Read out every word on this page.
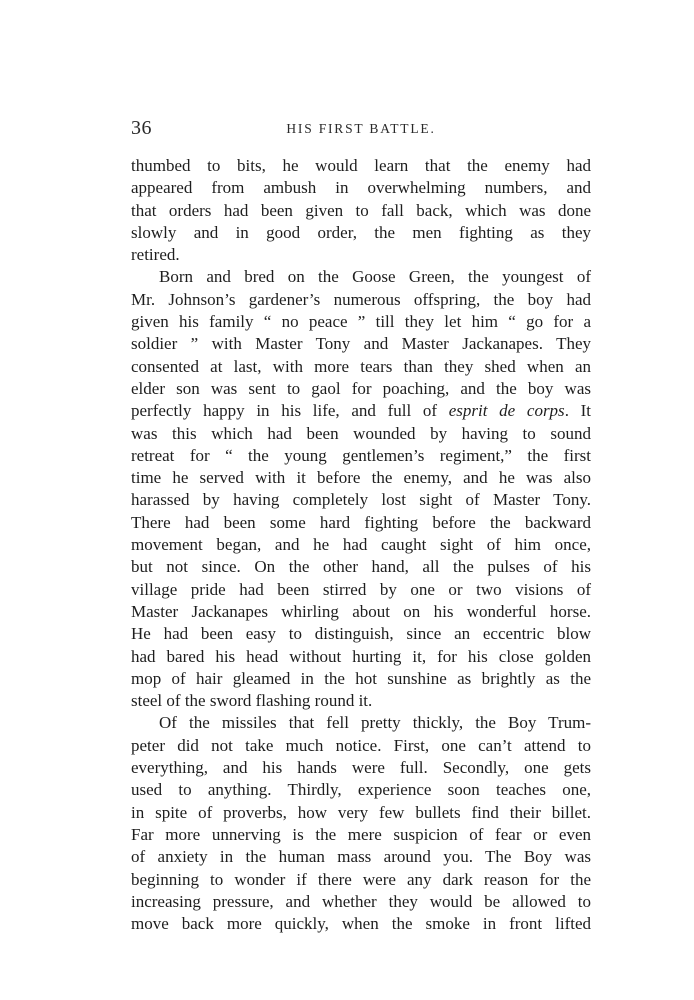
36	HIS FIRST BATTLE.
thumbed to bits, he would learn that the enemy had
appeared from ambush in overwhelming numbers, and
that orders had been given to fall back, which was done
slowly and in good order, the men fighting as they
retired.
Born and bred on the Goose Green, the youngest of
Mr. Johnson’s gardener’s numerous offspring, the boy had
given his family “ no peace ” till they let him “ go for a
soldier ” with Master Tony and Master Jackanapes. They
consented at last, with more tears than they shed when an
elder son was sent to gaol for poaching, and the boy was
perfectly happy in his life, and full of esprit de corps. It
was this which had been wounded by having to sound
retreat for “ the young gentlemen’s regiment,” the first
time he served with it before the enemy, and he was also
harassed by having completely lost sight of Master Tony.
There had been some hard fighting before the backward
movement began, and he had caught sight of him once,
but not since. On the other hand, all the pulses of his
village pride had been stirred by one or two visions of
Master Jackanapes whirling about on his wonderful horse.
He had been easy to distinguish, since an eccentric blow
had bared his head without hurting it, for his close golden
mop of hair gleamed in the hot sunshine as brightly as the
steel of the sword flashing round it.
Of the missiles that fell pretty thickly, the Boy Trum-
peter did not take much notice. First, one can’t attend to
everything, and his hands were full. Secondly, one gets
used to anything. Thirdly, experience soon teaches one,
in spite of proverbs, how very few bullets find their billet.
Far more unnerving is the mere suspicion of fear or even
of anxiety in the human mass around you. The Boy was
beginning to wonder if there were any dark reason for the
increasing pressure, and whether they would be allowed to
move back more quickly, when the smoke in front lifted
